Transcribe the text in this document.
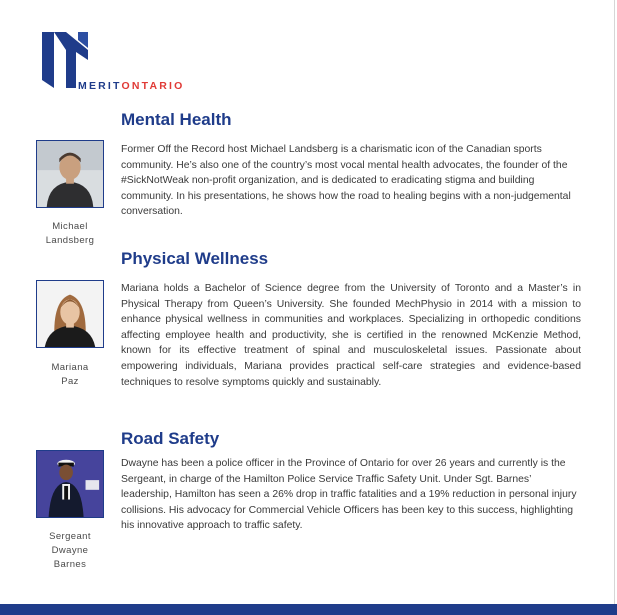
MERITONTARIO
Mental Health
Michael
Landsberg

Former Off the Record host Michael Landsberg is a charismatic icon of the Canadian sports community. He’s also one of the country’s most vocal mental health advocates, the founder of the #SickNotWeak non-profit organization, and is dedicated to eradicating stigma and building community. In his presentations, he shows how the road to healing begins with a non-judgemental conversation.

Physical Wellness
Mariana
Paz

Mariana holds a Bachelor of Science degree from the University of Toronto and a Master’s in Physical Therapy from Queen’s University. She founded MechPhysio in 2014 with a mission to enhance physical wellness in communities and workplaces. Specializing in orthopedic conditions affecting employee health and productivity, she is certified in the renowned McKenzie Method, known for its effective treatment of spinal and musculoskeletal issues. Passionate about empowering individuals, Mariana provides practical self-care strategies and evidence-based techniques to resolve symptoms quickly and sustainably.

Road Safety
Sergeant
Dwayne
Barnes

Dwayne has been a police officer in the Province of Ontario for over 26 years and currently is the Sergeant, in charge of the Hamilton Police Service Traffic Safety Unit. Under Sgt. Barnes’ leadership, Hamilton has seen a 26% drop in traffic fatalities and a 19% reduction in personal injury collisions. His advocacy for Commercial Vehicle Officers has been key to this success, highlighting his innovative approach to traffic safety.
